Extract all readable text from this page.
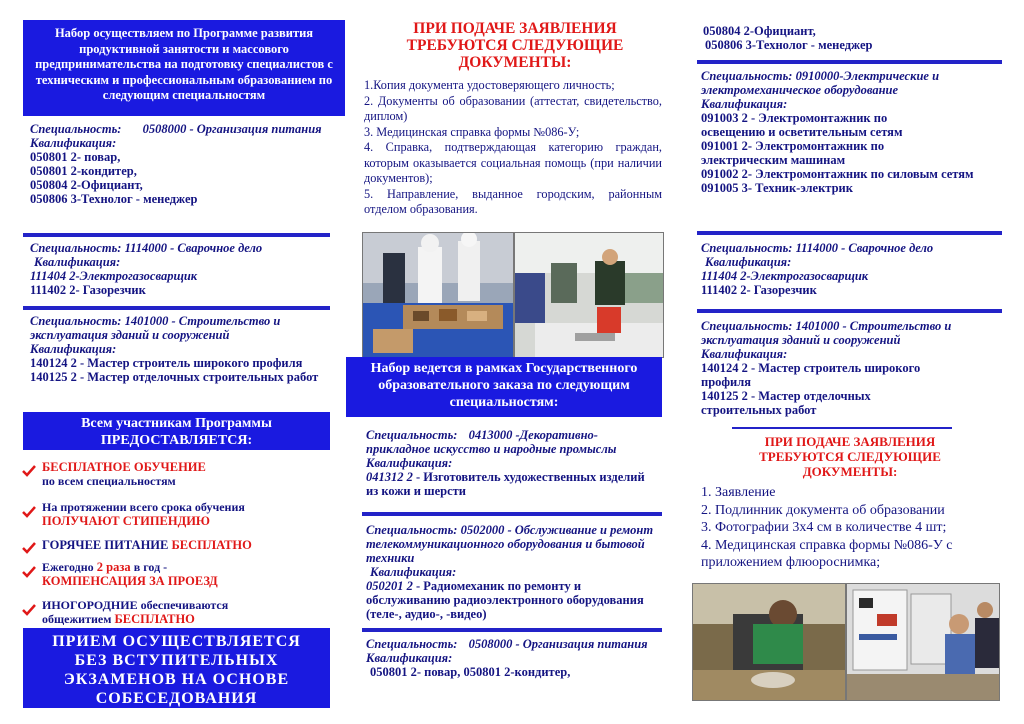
Набор осуществляем по Программе развития продуктивной занятости и массового предпринимательства на подготовку специалистов с техническим и профессиональным образованием по следующим специальностям
Специальность: 0508000 - Организация питания
Квалификация:
050801 2- повар,
050801 2-кондитер,
050804 2-Официант,
050806 3-Технолог - менеджер
Специальность: 1114000 - Сварочное дело
Квалификация:
111404 2-Электрогазосварщик
111402 2- Газорезчик
Специальность: 1401000 - Строительство и эксплуатация зданий и сооружений
Квалификация:
140124 2 - Мастер строитель широкого профиля
140125 2 - Мастер отделочных строительных работ
Всем участникам Программы
ПРЕДОСТАВЛЯЕТСЯ:
БЕСПЛАТНОЕ ОБУЧЕНИЕ
по всем специальностям
На протяжении всего срока обучения
ПОЛУЧАЮТ СТИПЕНДИЮ
ГОРЯЧЕЕ ПИТАНИЕ БЕСПЛАТНО
Ежегодно 2 раза в год -
КОМПЕНСАЦИЯ ЗА ПРОЕЗД
ИНОГОРОДНИЕ обеспечиваются
общежитием БЕСПЛАТНО
ПРИЕМ ОСУЩЕСТВЛЯЕТСЯ БЕЗ ВСТУПИТЕЛЬНЫХ ЭКЗАМЕНОВ НА ОСНОВЕ СОБЕСЕДОВАНИЯ
ПРИ ПОДАЧЕ ЗАЯВЛЕНИЯ ТРЕБУЮТСЯ СЛЕДУЮЩИЕ ДОКУМЕНТЫ:
1.Копия документа удостоверяющего личность;
2. Документы об образовании (аттестат, свидетельство, диплом)
3. Медицинская справка формы №086-У;
4. Справка, подтверждающая категорию граждан, которым оказывается социальная помощь (при наличии документов);
5. Направление, выданное городским, районным отделом образования.
Набор ведется в рамках Государственного образовательного заказа по следующим специальностям:
Специальность: 0413000 -Декоративно-прикладное искусство и народные промыслы
Квалификация:
041312 2 - Изготовитель художественных изделий из кожи и шерсти
Специальность: 0502000 - Обслуживание и ремонт телекоммуникационного оборудования и бытовой техники
Квалификация:
050201 2 - Радиомеханик по ремонту и обслуживанию радиоэлектронного оборудования (теле-, аудио-, -видео)
Специальность: 0508000 - Организация питания
Квалификация:
050801 2- повар, 050801 2-кондитер,
050804 2-Официант,
050806 3-Технолог - менеджер
Специальность: 0910000-Электрические и электромеханическое оборудование
Квалификация:
091003 2 - Электромонтажник по освещению и осветительным сетям
091001 2- Электромонтажник по электрическим машинам
091002 2- Электромонтажник по силовым сетям
091005 3- Техник-электрик
Специальность: 1114000 - Сварочное дело
Квалификация:
111404 2-Электрогазосварщик
111402 2- Газорезчик
Специальность: 1401000 - Строительство и эксплуатация зданий и сооружений
Квалификация:
140124 2 - Мастер строитель широкого профиля
140125 2 - Мастер отделочных строительных работ
ПРИ ПОДАЧЕ ЗАЯВЛЕНИЯ ТРЕБУЮТСЯ СЛЕДУЮЩИЕ ДОКУМЕНТЫ:
1. Заявление
2. Подлинник документа об образовании
3. Фотографии 3х4 см в количестве 4 шт;
4. Медицинская справка формы №086-У с приложением флюороснимка;
